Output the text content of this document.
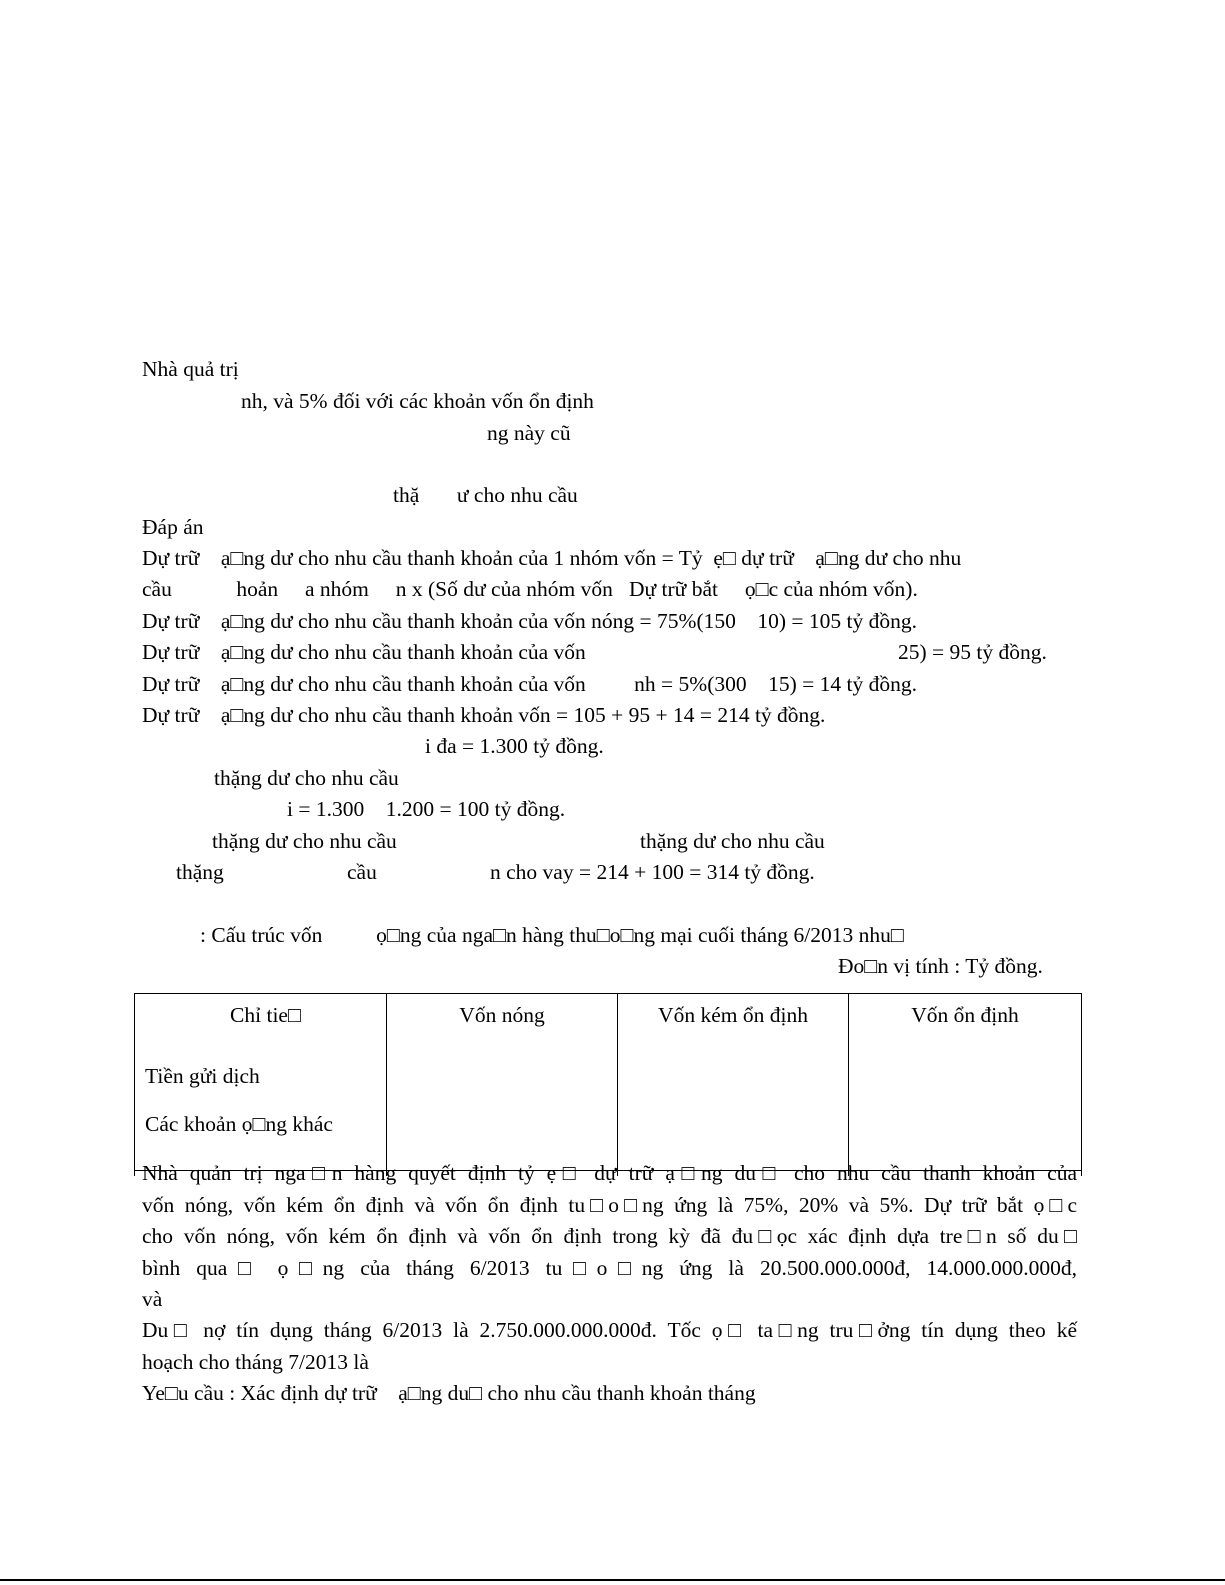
Nhà quả trị
nh, và 5% đối với các khoản vốn ổn định
ng này cũ
thặ       ư cho nhu cầu
Đáp án
Dự trữ    ạ□ng dư cho nhu cầu thanh khoản của 1 nhóm vốn = Tỷ  ẹ□ dự trữ    ạ□ng dư cho nhu
cầu            hoản     a nhóm     n x (Số dư của nhóm vốn   Dự trữ bắt     ọ□c của nhóm vốn).
Dự trữ    ạ□ng dư cho nhu cầu thanh khoản của vốn nóng = 75%(150    10) = 105 tỷ đồng.
Dự trữ    ạ□ng dư cho nhu cầu thanh khoản của vốn	25) = 95 tỷ đồng.
Dự trữ    ạ□ng dư cho nhu cầu thanh khoản của vốn         nh = 5%(300    15) = 14 tỷ đồng.
Dự trữ    ạ□ng dư cho nhu cầu thanh khoản vốn = 105 + 95 + 14 = 214 tỷ đồng.
i đa = 1.300 tỷ đồng.
thặng dư cho nhu cầu
i = 1.300    1.200 = 100 tỷ đồng.
thặng dư cho nhu cầu	thặng dư cho nhu cầu
thặng	cầu	n cho vay = 214 + 100 = 314 tỷ đồng.
: Cấu trúc vốn          ọ□ng của nga□n hàng thu□o□ng mại cuối tháng 6/2013 nhu□
Đo□n vị tính : Tỷ đồng.
Chỉ tie□	Vốn nóng	Vốn kém ổn định	Vốn ổn định
Tiền gửi dịch			
Các khoản ọ□ng khác			
Nhà quản trị nga□n hàng quyết định tỷ ẹ□ dự trữ ạ□ng du□ cho nhu cầu thanh khoản của
vốn nóng, vốn kém ổn định và vốn ổn định tu□o□ng ứng là 75%, 20% và 5%. Dự trữ bắt ọ□c
cho vốn nóng, vốn kém ổn định và vốn ổn định trong kỳ đã đu□ọc xác định dựa tre□n số du□
bình qua□ ọ□ng của tháng 6/2013 tu□o□ng ứng là 20.500.000.000đ, 14.000.000.000đ,
và
Du□ nợ tín dụng tháng 6/2013 là 2.750.000.000.000đ. Tốc ọ□ ta□ng tru□ởng tín dụng theo kế
hoạch cho tháng 7/2013 là
Ye□u cầu : Xác định dự trữ    ạ□ng du□ cho nhu cầu thanh khoản tháng
